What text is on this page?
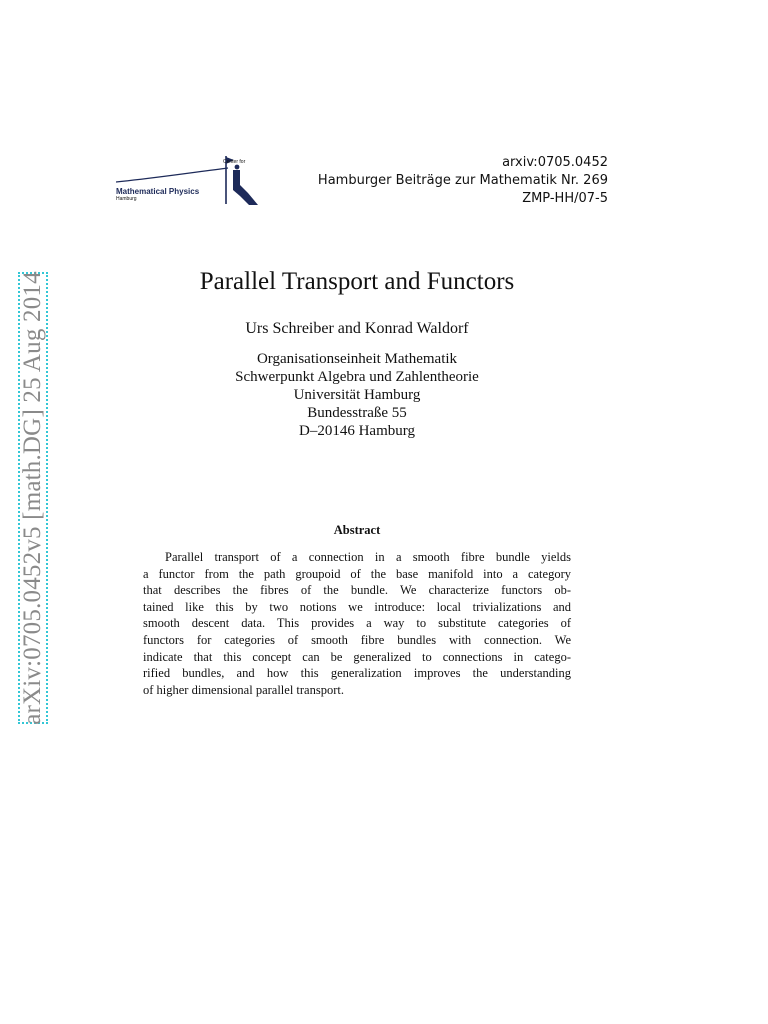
arXiv:0705.0452v5 [math.DG] 25 Aug 2014
Center for
Mathematical Physics
Hamburg
arxiv:0705.0452
Hamburger Beiträge zur Mathematik Nr. 269
ZMP-HH/07-5
Parallel Transport and Functors
Urs Schreiber and Konrad Waldorf
Organisationseinheit Mathematik
Schwerpunkt Algebra und Zahlentheorie
Universität Hamburg
Bundesstraße 55
D–20146 Hamburg
Abstract
Parallel transport of a connection in a smooth fibre bundle yields
a functor from the path groupoid of the base manifold into a category
that describes the fibres of the bundle. We characterize functors ob-
tained like this by two notions we introduce: local trivializations and
smooth descent data. This provides a way to substitute categories of
functors for categories of smooth fibre bundles with connection. We
indicate that this concept can be generalized to connections in catego-
rified bundles, and how this generalization improves the understanding
of higher dimensional parallel transport.
